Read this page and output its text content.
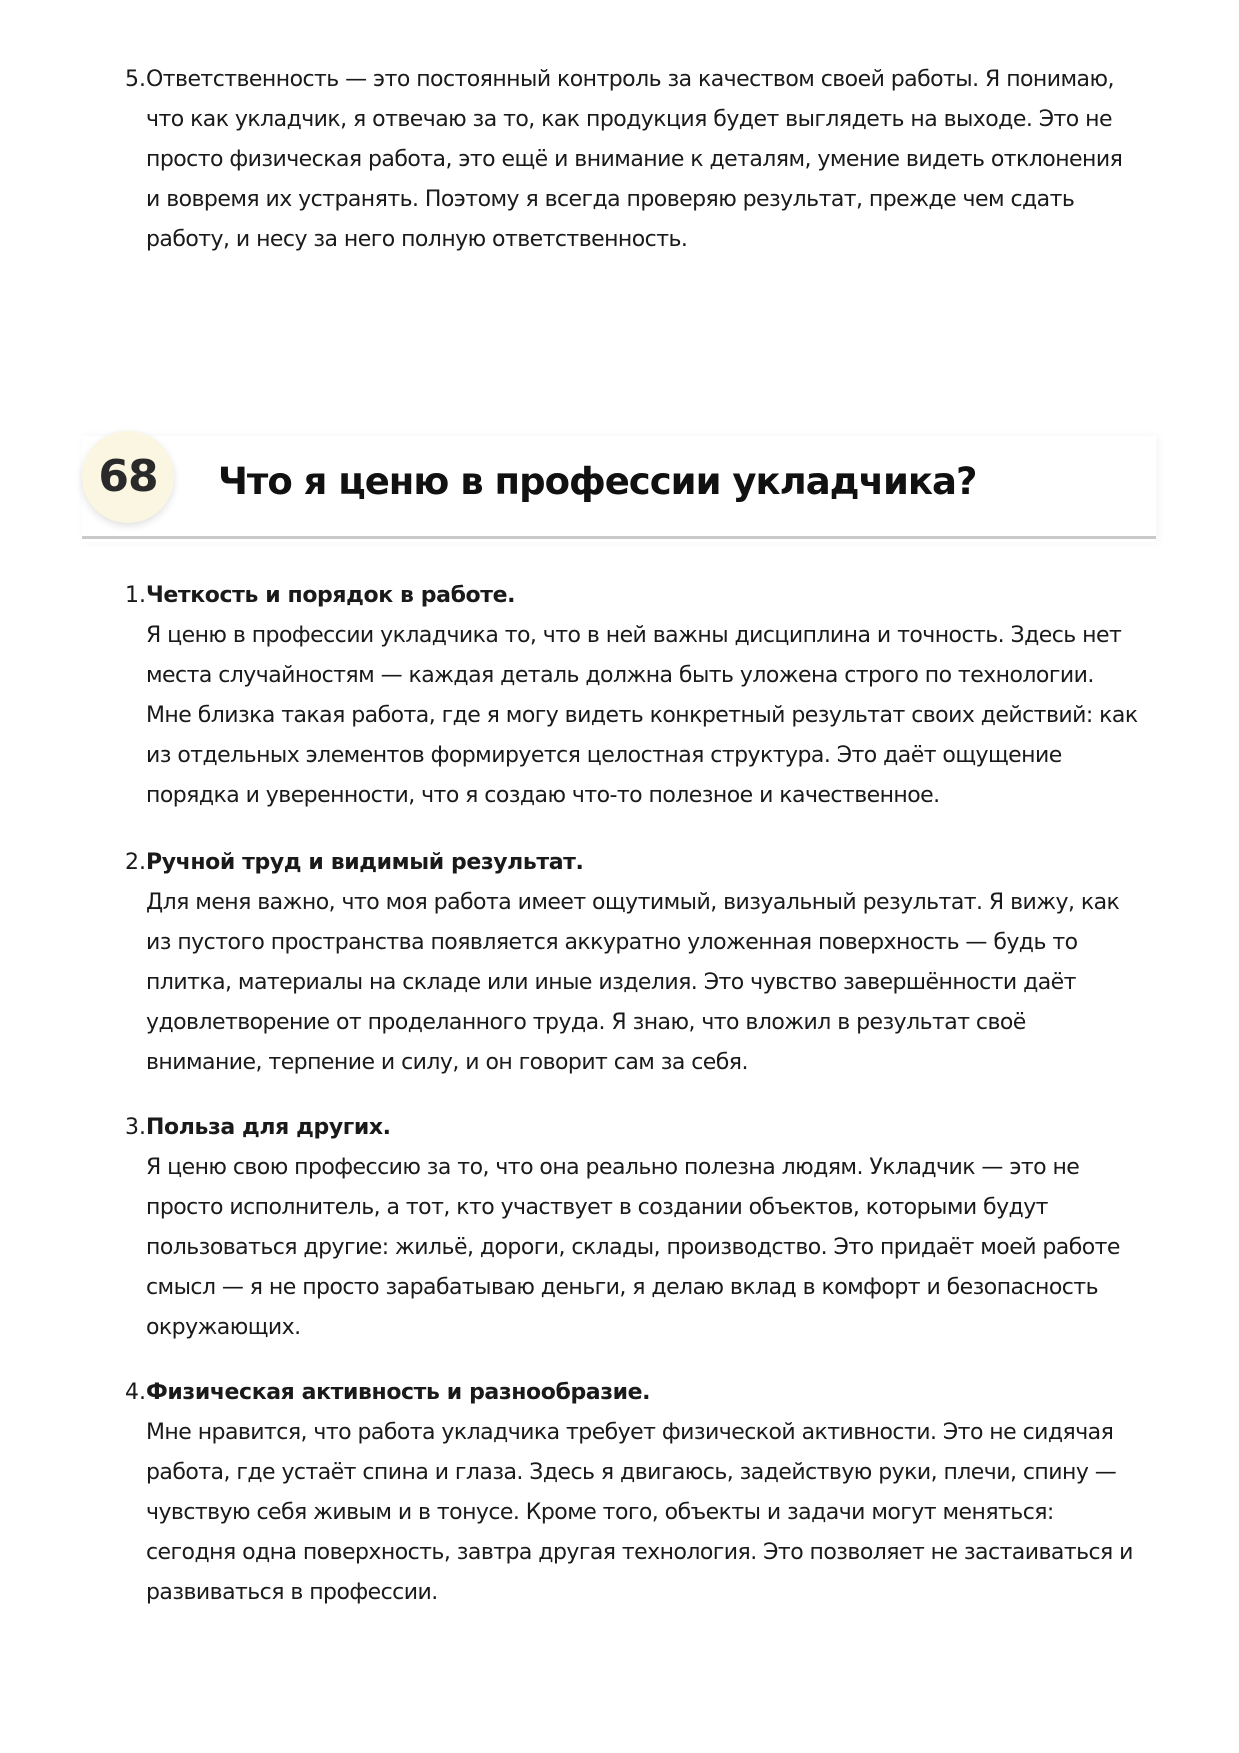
5. Ответственность — это постоянный контроль за качеством своей работы. Я понимаю,
что как укладчик, я отвечаю за то, как продукция будет выглядеть на выходе. Это не
просто физическая работа, это ещё и внимание к деталям, умение видеть отклонения
и вовремя их устранять. Поэтому я всегда проверяю результат, прежде чем сдать
работу, и несу за него полную ответственность.
68	Что я ценю в профессии укладчика?
1. Четкость и порядок в работе.
Я ценю в профессии укладчика то, что в ней важны дисциплина и точность. Здесь нет
места случайностям — каждая деталь должна быть уложена строго по технологии.
Мне близка такая работа, где я могу видеть конкретный результат своих действий: как
из отдельных элементов формируется целостная структура. Это даёт ощущение
порядка и уверенности, что я создаю что-то полезное и качественное.
2. Ручной труд и видимый результат.
Для меня важно, что моя работа имеет ощутимый, визуальный результат. Я вижу, как
из пустого пространства появляется аккуратно уложенная поверхность — будь то
плитка, материалы на складе или иные изделия. Это чувство завершённости даёт
удовлетворение от проделанного труда. Я знаю, что вложил в результат своё
внимание, терпение и силу, и он говорит сам за себя.
3. Польза для других.
Я ценю свою профессию за то, что она реально полезна людям. Укладчик — это не
просто исполнитель, а тот, кто участвует в создании объектов, которыми будут
пользоваться другие: жильё, дороги, склады, производство. Это придаёт моей работе
смысл — я не просто зарабатываю деньги, я делаю вклад в комфорт и безопасность
окружающих.
4. Физическая активность и разнообразие.
Мне нравится, что работа укладчика требует физической активности. Это не сидячая
работа, где устаёт спина и глаза. Здесь я двигаюсь, задействую руки, плечи, спину —
чувствую себя живым и в тонусе. Кроме того, объекты и задачи могут меняться:
сегодня одна поверхность, завтра другая технология. Это позволяет не застаиваться и
развиваться в профессии.
